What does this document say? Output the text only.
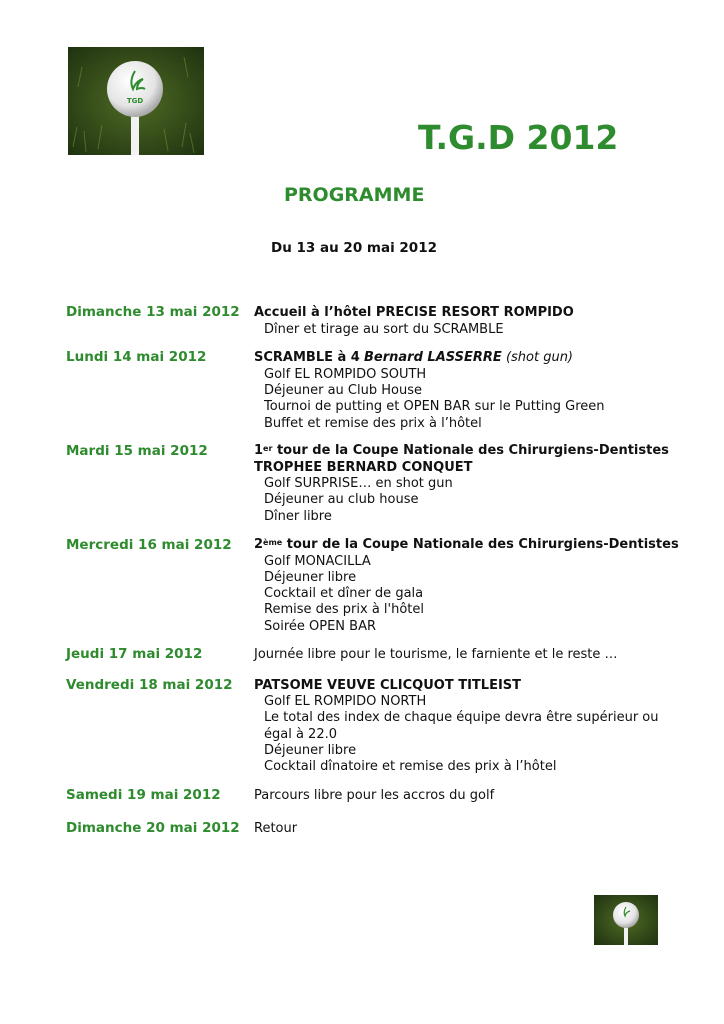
TGD
T.G.D 2012
PROGRAMME
Du 13 au 20 mai 2012
Dimanche 13 mai 2012 Accueil à l’hôtel PRECISE RESORT ROMPIDO
Dîner et tirage au sort du SCRAMBLE
Lundi 14 mai 2012	SCRAMBLE à 4 Bernard LASSERRE (shot gun)
Golf EL ROMPIDO SOUTH
Déjeuner au Club House
Tournoi de putting et OPEN BAR sur le Putting Green
Buffet et remise des prix à l’hôtel
Mardi 15 mai 2012	1er tour de la Coupe Nationale des Chirurgiens-Dentistes
TROPHEE BERNARD CONQUET
Golf SURPRISE… en shot gun
Déjeuner au club house
Dîner libre
Mercredi 16 mai 2012 2ème tour de la Coupe Nationale des Chirurgiens-Dentistes
Golf MONACILLA
Déjeuner libre
Cocktail et dîner de gala
Remise des prix à l'hôtel
Soirée OPEN BAR
Jeudi 17 mai 2012	Journée libre pour le tourisme, le farniente et le reste …
Vendredi 18 mai 2012 PATSOME VEUVE CLICQUOT TITLEIST
Golf EL ROMPIDO NORTH
Le total des index de chaque équipe devra être supérieur ou
égal à 22.0
Déjeuner libre
Cocktail dînatoire et remise des prix à l’hôtel
Samedi 19 mai 2012	Parcours libre pour les accros du golf
Dimanche 20 mai 2012 Retour
